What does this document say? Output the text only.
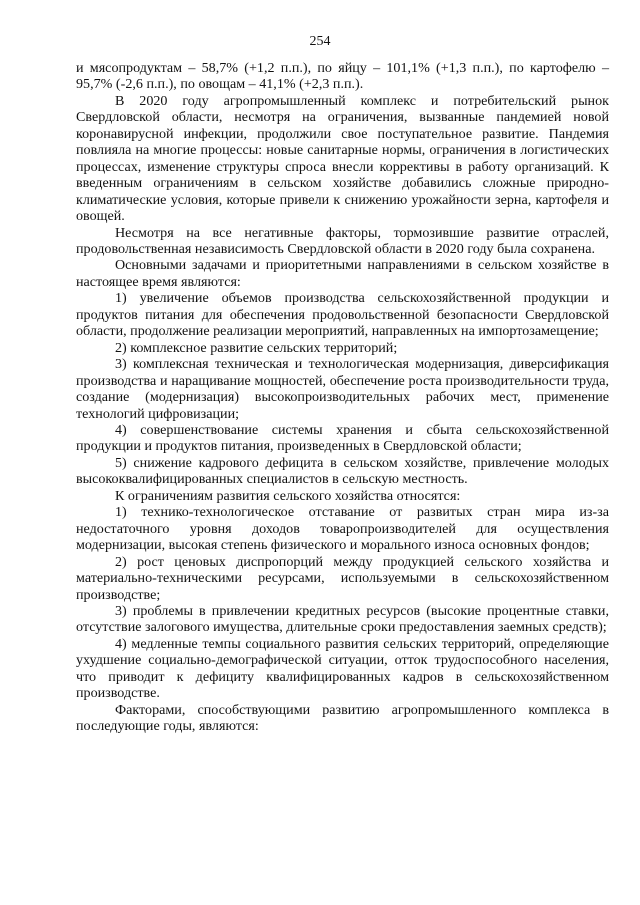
254

и мясопродуктам – 58,7% (+1,2 п.п.), по яйцу – 101,1% (+1,3 п.п.), по картофелю – 95,7% (-2,6 п.п.), по овощам – 41,1% (+2,3 п.п.).

В 2020 году агропромышленный комплекс и потребительский рынок Свердловской области, несмотря на ограничения, вызванные пандемией новой коронавирусной инфекции, продолжили свое поступательное развитие. Пандемия повлияла на многие процессы: новые санитарные нормы, ограничения в логистических процессах, изменение структуры спроса внесли коррективы в работу организаций. К введенным ограничениям в сельском хозяйстве добавились сложные природно-климатические условия, которые привели к снижению урожайности зерна, картофеля и овощей.

Несмотря на все негативные факторы, тормозившие развитие отраслей, продовольственная независимость Свердловской области в 2020 году была сохранена.

Основными задачами и приоритетными направлениями в сельском хозяйстве в настоящее время являются:

1) увеличение объемов производства сельскохозяйственной продукции и продуктов питания для обеспечения продовольственной безопасности Свердловской области, продолжение реализации мероприятий, направленных на импортозамещение;

2) комплексное развитие сельских территорий;

3) комплексная техническая и технологическая модернизация, диверсификация производства и наращивание мощностей, обеспечение роста производительности труда, создание (модернизация) высокопроизводительных рабочих мест, применение технологий цифровизации;

4) совершенствование системы хранения и сбыта сельскохозяйственной продукции и продуктов питания, произведенных в Свердловской области;

5) снижение кадрового дефицита в сельском хозяйстве, привлечение молодых высококвалифицированных специалистов в сельскую местность.

К ограничениям развития сельского хозяйства относятся:

1) технико-технологическое отставание от развитых стран мира из-за недостаточного уровня доходов товаропроизводителей для осуществления модернизации, высокая степень физического и морального износа основных фондов;

2) рост ценовых диспропорций между продукцией сельского хозяйства и материально-техническими ресурсами, используемыми в сельскохозяйственном производстве;

3) проблемы в привлечении кредитных ресурсов (высокие процентные ставки, отсутствие залогового имущества, длительные сроки предоставления заемных средств);

4) медленные темпы социального развития сельских территорий, определяющие ухудшение социально-демографической ситуации, отток трудоспособного населения, что приводит к дефициту квалифицированных кадров в сельскохозяйственном производстве.

Факторами, способствующими развитию агропромышленного комплекса в последующие годы, являются:
